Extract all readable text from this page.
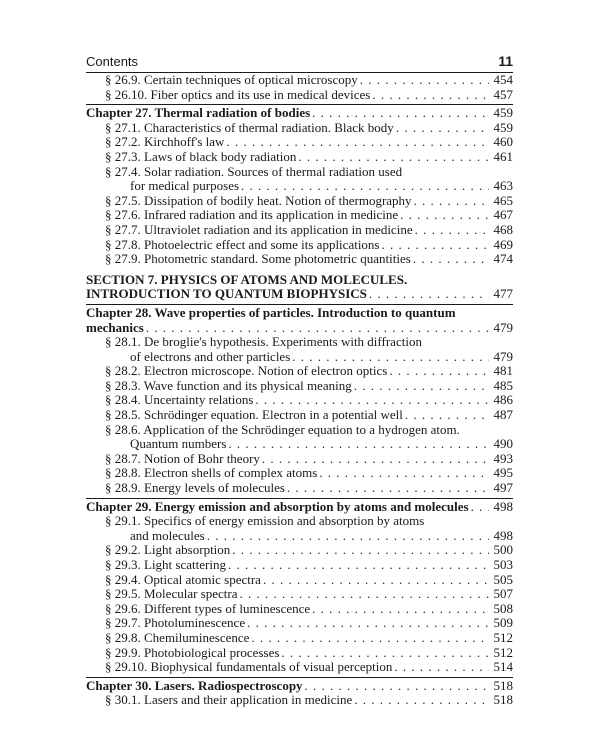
Contents	11
§ 26.9. Certain techniques of optical microscopy . . .	454
§ 26.10. Fiber optics and its use in medical devices . . .	457
Chapter 27. Thermal radiation of bodies . . .	459
§ 27.1. Characteristics of thermal radiation. Black body . . .	459
§ 27.2. Kirchhoff's law . . .	460
§ 27.3. Laws of black body radiation . . .	461
§ 27.4. Solar radiation. Sources of thermal radiation used
for medical purposes . . .	463
§ 27.5. Dissipation of bodily heat. Notion of thermography . . .	465
§ 27.6. Infrared radiation and its application in medicine . . .	467
§ 27.7. Ultraviolet radiation and its application in medicine . . .	468
§ 27.8. Photoelectric effect and some its applications . . .	469
§ 27.9. Photometric standard. Some photometric quantities . . .	474
SECTION 7. PHYSICS OF ATOMS AND MOLECULES.
INTRODUCTION TO QUANTUM BIOPHYSICS . . .	477
Chapter 28. Wave properties of particles. Introduction to quantum
mechanics . . .	479
§ 28.1. De broglie's hypothesis. Experiments with diffraction
of electrons and other particles . . .	479
§ 28.2. Electron microscope. Notion of electron optics . . .	481
§ 28.3. Wave function and its physical meaning . . .	485
§ 28.4. Uncertainty relations . . .	486
§ 28.5. Schrödinger equation. Electron in a potential well . . .	487
§ 28.6. Application of the Schrödinger equation to a hydrogen atom.
Quantum numbers . . .	490
§ 28.7. Notion of Bohr theory . . .	493
§ 28.8. Electron shells of complex atoms . . .	495
§ 28.9. Energy levels of molecules . . .	497
Chapter 29. Energy emission and absorption by atoms and molecules . . . 498
§ 29.1. Specifics of energy emission and absorption by atoms
and molecules . . .	498
§ 29.2. Light absorption . . .	500
§ 29.3. Light scattering . . .	503
§ 29.4. Optical atomic spectra . . .	505
§ 29.5. Molecular spectra . . .	507
§ 29.6. Different types of luminescence . . .	508
§ 29.7. Photoluminescence . . .	509
§ 29.8. Chemiluminescence . . .	512
§ 29.9. Photobiological processes . . .	512
§ 29.10. Biophysical fundamentals of visual perception . . .	514
Chapter 30. Lasers. Radiospectroscopy . . .	518
§ 30.1. Lasers and their application in medicine . . .	518
